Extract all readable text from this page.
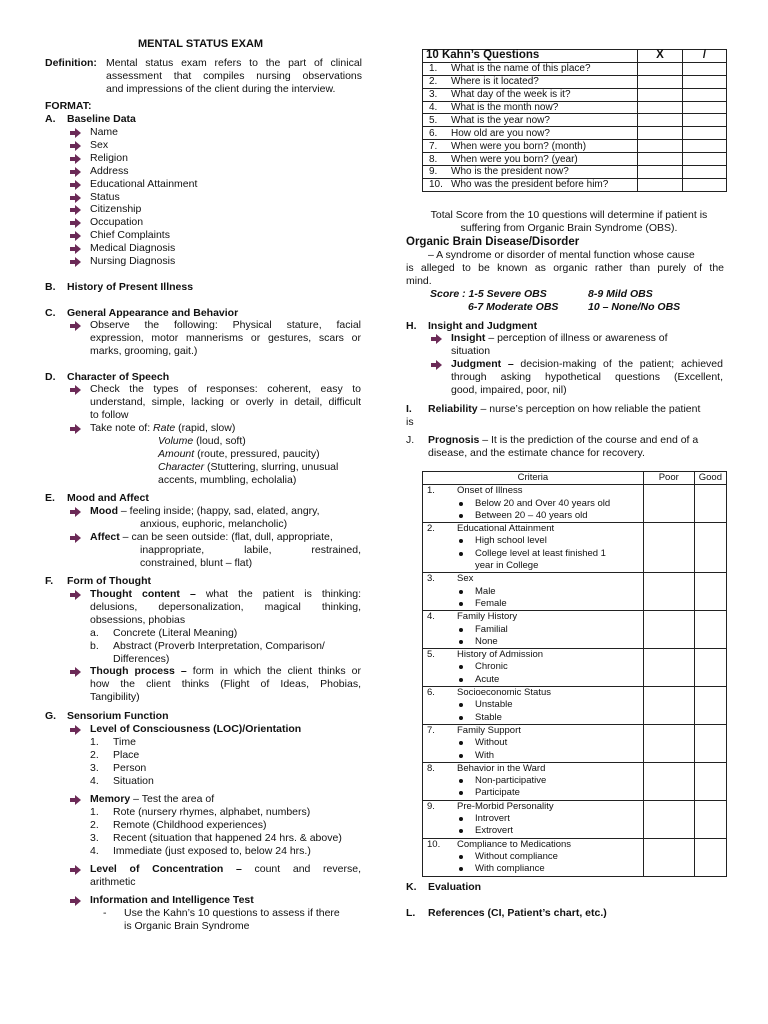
MENTAL STATUS EXAM
Definition: Mental status exam refers to the part of clinical
assessment that compiles nursing observations
and impressions of the client during the interview.
FORMAT:
A. Baseline Data
Name
Sex
Religion
Address
Educational Attainment
Status
Citizenship
Occupation
Chief Complaints
Medical Diagnosis
Nursing Diagnosis
B. History of Present Illness
C. General Appearance and Behavior
Observe the following: Physical stature, facial
expression, motor mannerisms or gestures, scars or
marks, grooming, gait.)
D. Character of Speech
Check the types of responses: coherent, easy to
understand, simple, lacking or overly in detail, difficult
to follow
Take note of: Rate (rapid, slow)
Volume (loud, soft)
Amount (route, pressured, paucity)
Character (Stuttering, slurring, unusual
accents, mumbling, echolalia)
E. Mood and Affect
Mood – feeling inside; (happy, sad, elated, angry,
anxious, euphoric, melancholic)
Affect – can be seen outside: (flat, dull, appropriate,
inappropriate, labile, restrained,
constrained, blunt – flat)
F. Form of Thought
Thought content – what the patient is thinking:
delusions, depersonalization, magical thinking,
obsessions, phobias
a. Concrete (Literal Meaning)
b. Abstract (Proverb Interpretation, Comparison/
Differences)
Though process – form in which the client thinks or
how the client thinks (Flight of Ideas, Phobias,
Tangibility)
G. Sensorium Function
Level of Consciousness (LOC)/Orientation
1. Time
2. Place
3. Person
4. Situation
Memory – Test the area of
1. Rote (nursery rhymes, alphabet, numbers)
2. Remote (Childhood experiences)
3. Recent (situation that happened 24 hrs. & above)
4. Immediate (just exposed to, below 24 hrs.)
Level of Concentration – count and reverse,
arithmetic
Information and Intelligence Test
- Use the Kahn’s 10 questions to assess if there
is Organic Brain Syndrome
10 Kahn’s Questions	X	/
1. What is the name of this place?		
2. Where is it located?		
3. What day of the week is it?		
4. What is the month now?		
5. What is the year now?		
6. How old are you now?		
7. When were you born? (month)		
8. When were you born? (year)		
9. Who is the president now?		
10. Who was the president before him?		
Total Score from the 10 questions will determine if patient is
suffering from Organic Brain Syndrome (OBS).
Organic Brain Disease/Disorder
– A syndrome or disorder of mental function whose cause
is alleged to be known as organic rather than purely of the
mind.
Score : 1-5 Severe OBS	8-9 Mild OBS
6-7 Moderate OBS	10 – None/No OBS
H. Insight and Judgment
Insight – perception of illness or awareness of
situation
Judgment – decision-making of the patient; achieved
through asking hypothetical questions (Excellent,
good, impaired, poor, nil)
I. Reliability – nurse’s perception on how reliable the patient
is
J. Prognosis – It is the prediction of the course and end of a
disease, and the estimate chance for recovery.
Criteria	Poor	Good

1. Onset of Illness
Below 20 and Over 40 years old
Between 20 – 40 years old		

2. Educational Attainment
High school level
College level at least finished 1
year in College		

3. Sex
Male
Female		

4. Family History
Familial
None		

5. History of Admission
Chronic
Acute		

6. Socioeconomic Status
Unstable
Stable		

7. Family Support
Without
With		

8. Behavior in the Ward
Non-participative
Participate		

9. Pre-Morbid Personality
Introvert
Extrovert		

10. Compliance to Medications
Without compliance
With compliance		

K. Evaluation
L. References (CI, Patient’s chart, etc.)
